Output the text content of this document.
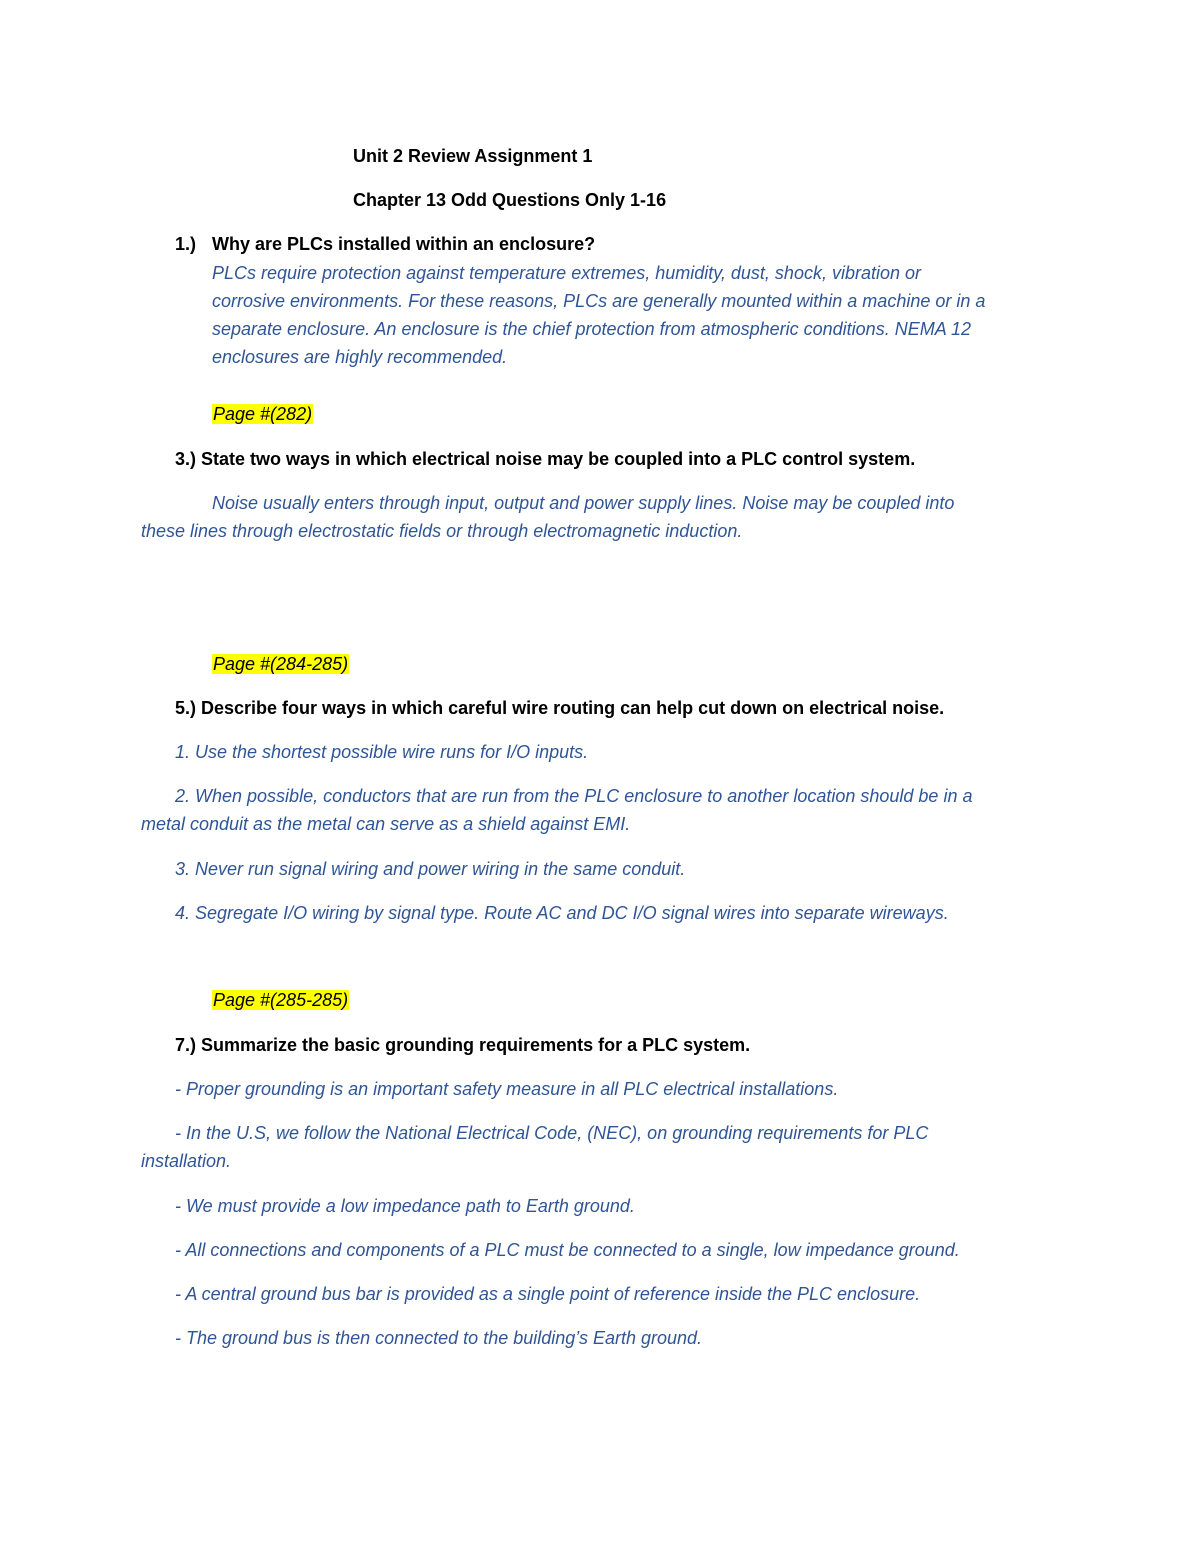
Unit 2 Review Assignment 1
Chapter 13 Odd Questions Only 1-16
1.) Why are PLCs installed within an enclosure?
PLCs require protection against temperature extremes, humidity, dust, shock, vibration or
corrosive environments. For these reasons, PLCs are generally mounted within a machine or in a
separate enclosure. An enclosure is the chief protection from atmospheric conditions. NEMA 12
enclosures are highly recommended.
Page #(282)
3.) State two ways in which electrical noise may be coupled into a PLC control system.
Noise usually enters through input, output and power supply lines. Noise may be coupled into
these lines through electrostatic fields or through electromagnetic induction.
Page #(284-285)
5.) Describe four ways in which careful wire routing can help cut down on electrical noise.
1. Use the shortest possible wire runs for I/O inputs.
2. When possible, conductors that are run from the PLC enclosure to another location should be in a
metal conduit as the metal can serve as a shield against EMI.
3. Never run signal wiring and power wiring in the same conduit.
4. Segregate I/O wiring by signal type. Route AC and DC I/O signal wires into separate wireways.
Page #(285-285)
7.) Summarize the basic grounding requirements for a PLC system.
- Proper grounding is an important safety measure in all PLC electrical installations.
- In the U.S, we follow the National Electrical Code, (NEC), on grounding requirements for PLC
installation.
- We must provide a low impedance path to Earth ground.
- All connections and components of a PLC must be connected to a single, low impedance ground.
- A central ground bus bar is provided as a single point of reference inside the PLC enclosure.
- The ground bus is then connected to the building’s Earth ground.
